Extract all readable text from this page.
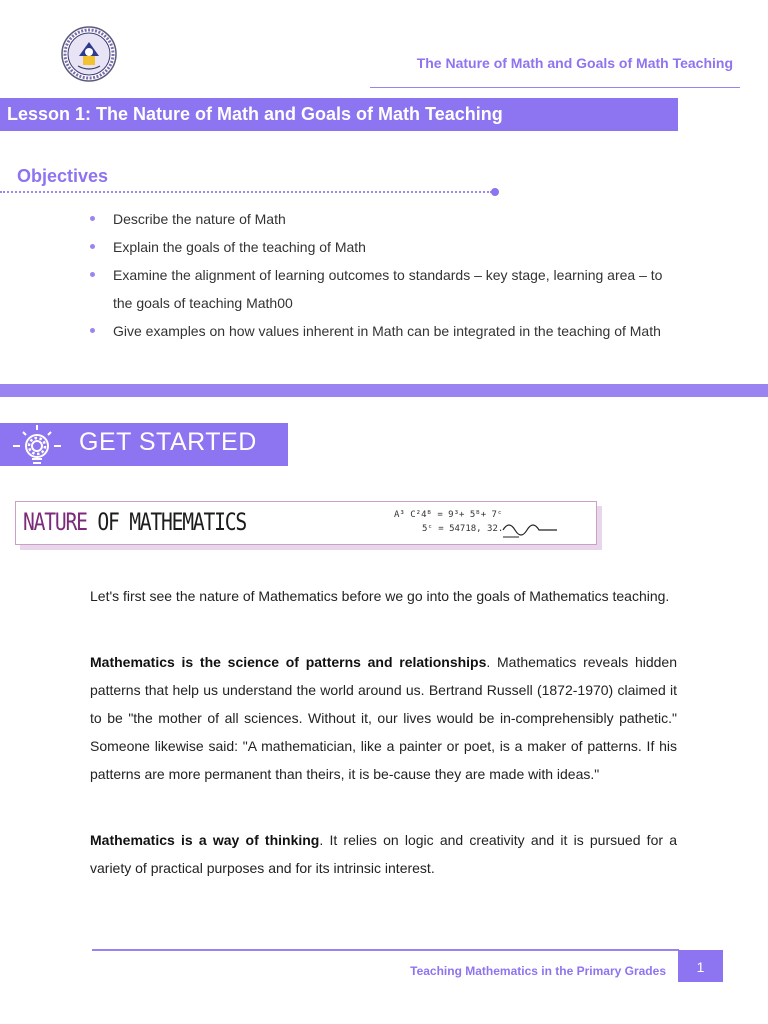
The Nature of Math and Goals of Math Teaching
Lesson 1: The Nature of Math and Goals of Math Teaching
Objectives
Describe the nature of Math
Explain the goals of the teaching of Math
Examine the alignment of learning outcomes to standards – key stage, learning area – to the goals of teaching Math00
Give examples on how values inherent in Math can be integrated in the teaching of Math
GET STARTED
NATURE OF MATHEMATICS	A³ C²4ᴮ = 9³+ 5ᴮ+ 7ᶜ
5ᶜ = 54718, 32.
Let's first see the nature of Mathematics before we go into the goals of Mathematics teaching.
Mathematics is the science of patterns and relationships. Mathematics reveals hidden patterns that help us understand the world around us. Bertrand Russell (1872-1970) claimed it to be "the mother of all sciences. Without it, our lives would be in-comprehensibly pathetic." Someone likewise said: "A mathematician, like a painter or poet, is a maker of patterns. If his patterns are more permanent than theirs, it is be-cause they are made with ideas."
Mathematics is a way of thinking. It relies on logic and creativity and it is pursued for a variety of practical purposes and for its intrinsic interest.
Teaching Mathematics in the Primary Grades	1
